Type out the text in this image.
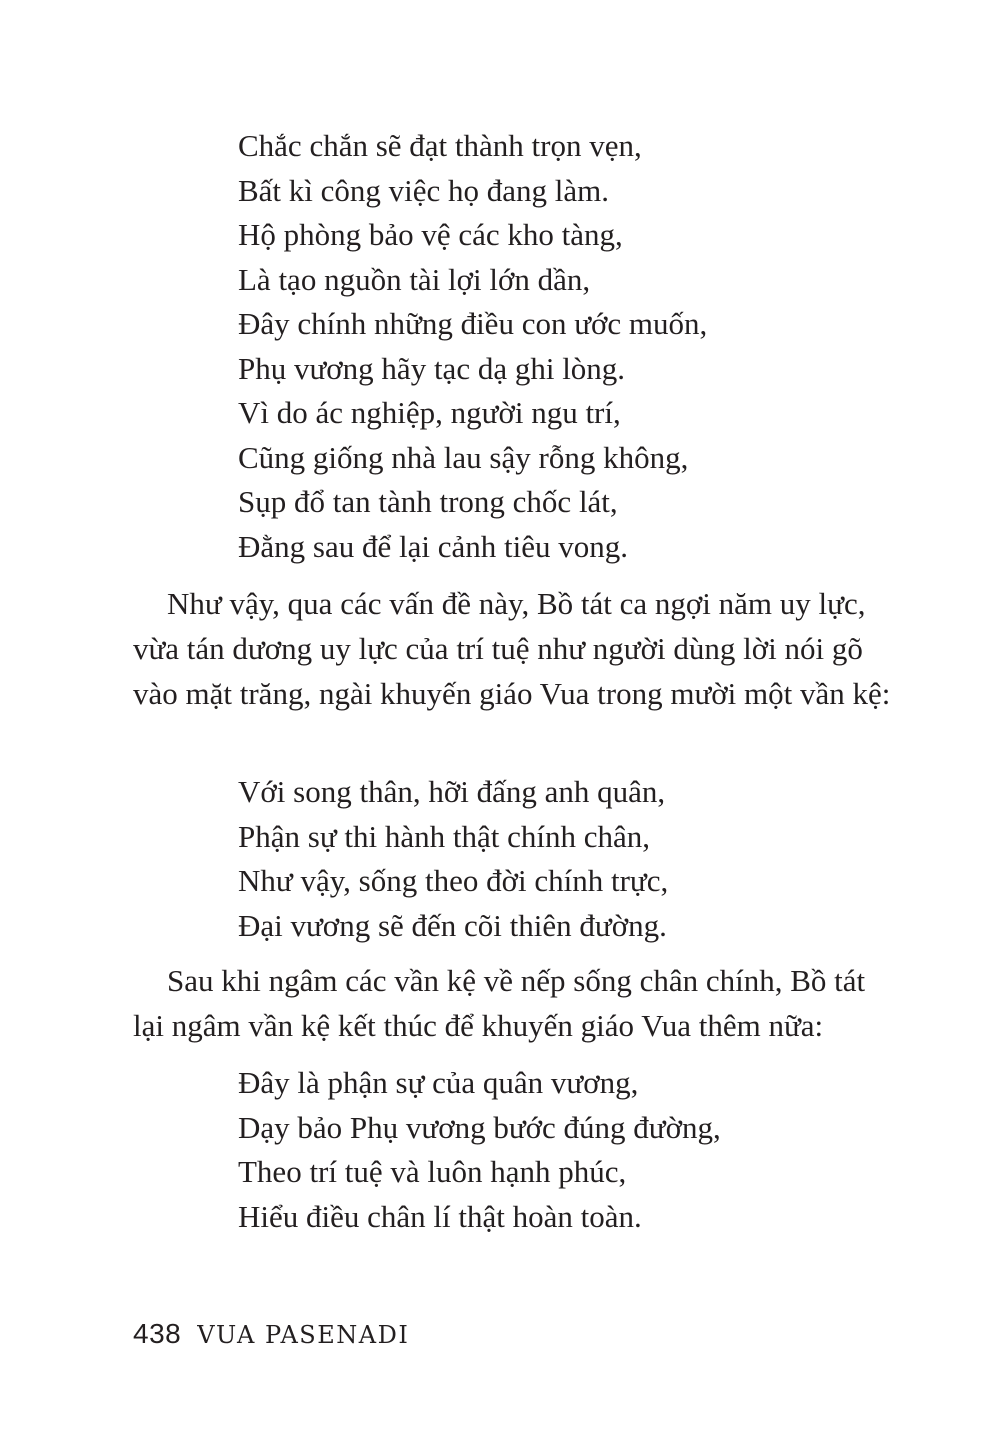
Chắc chắn sẽ đạt thành trọn vẹn,
Bất kì công việc họ đang làm.
Hộ phòng bảo vệ các kho tàng,
Là tạo nguồn tài lợi lớn dần,
Đây chính những điều con ước muốn,
Phụ vương hãy tạc dạ ghi lòng.
Vì do ác nghiệp, người ngu trí,
Cũng giống nhà lau sậy rỗng không,
Sụp đổ tan tành trong chốc lát,
Đằng sau để lại cảnh tiêu vong.

Như vậy, qua các vấn đề này, Bồ tát ca ngợi năm uy lực, vừa tán dương uy lực của trí tuệ như người dùng lời nói gõ vào mặt trăng, ngài khuyến giáo Vua trong mười một vần kệ:

Với song thân, hỡi đấng anh quân,
Phận sự thi hành thật chính chân,
Như vậy, sống theo đời chính trực,
Đại vương sẽ đến cõi thiên đường.

Sau khi ngâm các vần kệ về nếp sống chân chính, Bồ tát lại ngâm vần kệ kết thúc để khuyến giáo Vua thêm nữa:

Đây là phận sự của quân vương,
Dạy bảo Phụ vương bước đúng đường,
Theo trí tuệ và luôn hạnh phúc,
Hiểu điều chân lí thật hoàn toàn.
438 VUA PASENADI
